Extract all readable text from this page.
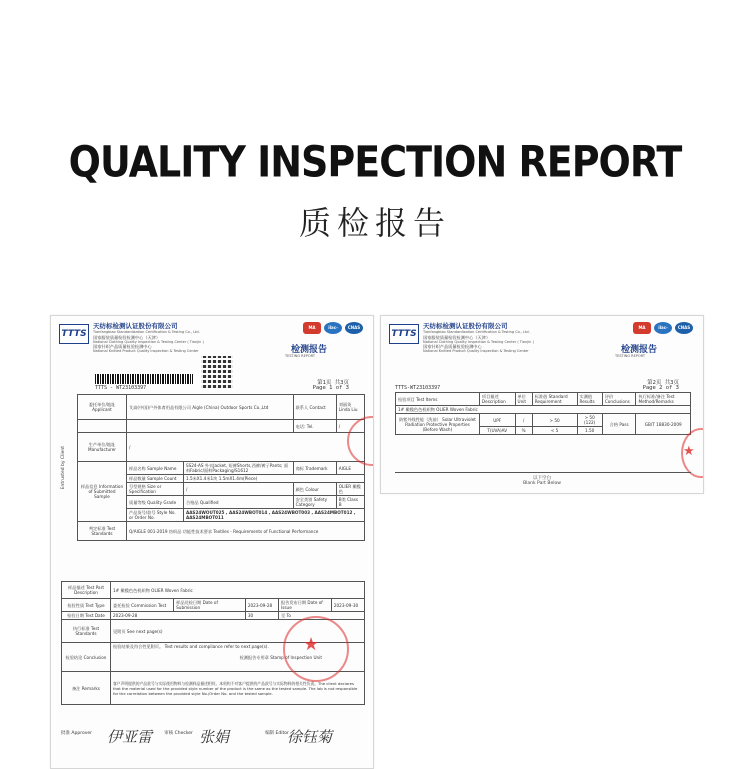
QUALITY INSPECTION REPORT
质检报告
TTTS
天纺标检测认证股份有限公司
Tianfangbiao Standardization Certification & Testing Co., Ltd.
国家服装质量检验检测中心（天津）
National Clothing Quality Inspection & Testing Center ( Tianjin )
国家针织产品质量检验检测中心
National Knitted Product Quality Inspection & Testing Center
MA	ilac-MRA
CNAS
检测报告
TESTING REPORT
TTTS - WT23103397
第1页 共3页
Page 1 of 3
Entrusted by Client
委托单位/地址 Applicant	艾高(中国)户外体育用品有限公司 Aigle (China) Outdoor Sports Co.,Ltd		联系人 Contact	刘丽英 Linda Liu
			电话: Tel.	/
生产单位/地址 Manufacturer	/			
样品信息 Information of Submitted Sample	样品名称 Sample Name	SS24-AS 外衣Jacket, 短裤Shorts,西裤/裤子Pants; 面料Fabric/面料Packaging/S1612	商标 Trademark	AIGLE
	样品数量 Sample Count	1.5米X1.4米1块 1.5mX1.4m(Piece)		
	号型规格 Size or Specification	/	颜色 Colour	OLIER 橄榄色
	质量等级 Quality Grade	合格品 Qualified	安全类别 Safety Category	B类 Class B
	产品货号/款号 Style No. or Order No.	AAS24WOUT025 , AAS24WBOT014 , AAS24WBOT003 , AAS24MBOT012 , AAS24MBOT011		
判定标准 Test Standards	Q/AIGLE 001-2019 纺织品 功能性技术要求 Textiles - Requirements of Functional Performance			
样品描述 Test Part Description	1# 橄榄色色机织物 OLIER Woven Fabric				
检验性质 Test Type	委托检验 Commission Test	样品送检日期 Date of Submission	2023-09-28	报告发布日期 Date of Issue	2023-09-30
检验日期 Test Date	2023-09-28		30	至 To	
执行标准 Test Standards	见附页 See next page(s)				
检验结论 Conclusion	检验结果及符合性见附页。 Test results and compliance refer to next page(s).
检测报告专用章 Stamp of Inspection Unit				

备注 Remarks	客户声明提供的产品款号与实际使用物料与检测样品描述相符。本机构不对客户提供的产品款号与实际物料的相关性负责。The client declares that the material used for the provided style number of the product is the same as the tested sample. The lab is not responsible for the correlation between the provided style No./Order No. and the tested sample.				
★
批准 Approver	审核 Checker	编制 Editor
伊亚雷	张娟	徐钰菊
TTTS
天纺标检测认证股份有限公司
Tianfangbiao Standardization Certification & Testing Co., Ltd.
国家服装质量检验检测中心（天津）
National Clothing Quality Inspection & Testing Center ( Tianjin )
国家针织产品质量检验检测中心
National Knitted Product Quality Inspection & Testing Center
MA	ilac-MRA
CNAS
检测报告
TESTING REPORT
第2页 共3页
Page 2 of 3
TTTS-WT23103397
检验项目 Test Items	项目描述 Description	单位 Unit	标准值 Standard Requirement	实测值 Results	评价 Conclusions	执行标准/备注 Test Method/Remarks
1# 橄榄色色机织物 OLIER Woven Fabric						
防紫外线性能（洗前） Solar Ultraviolet Radiation Protective Properties (Before Wash)	UPF	/	> 50	> 50 (122)	合格 Pass	GB/T 18830-2009
	T(UVA)AV	%	< 5	1.50		
★
以下空白
Blank Part Below
